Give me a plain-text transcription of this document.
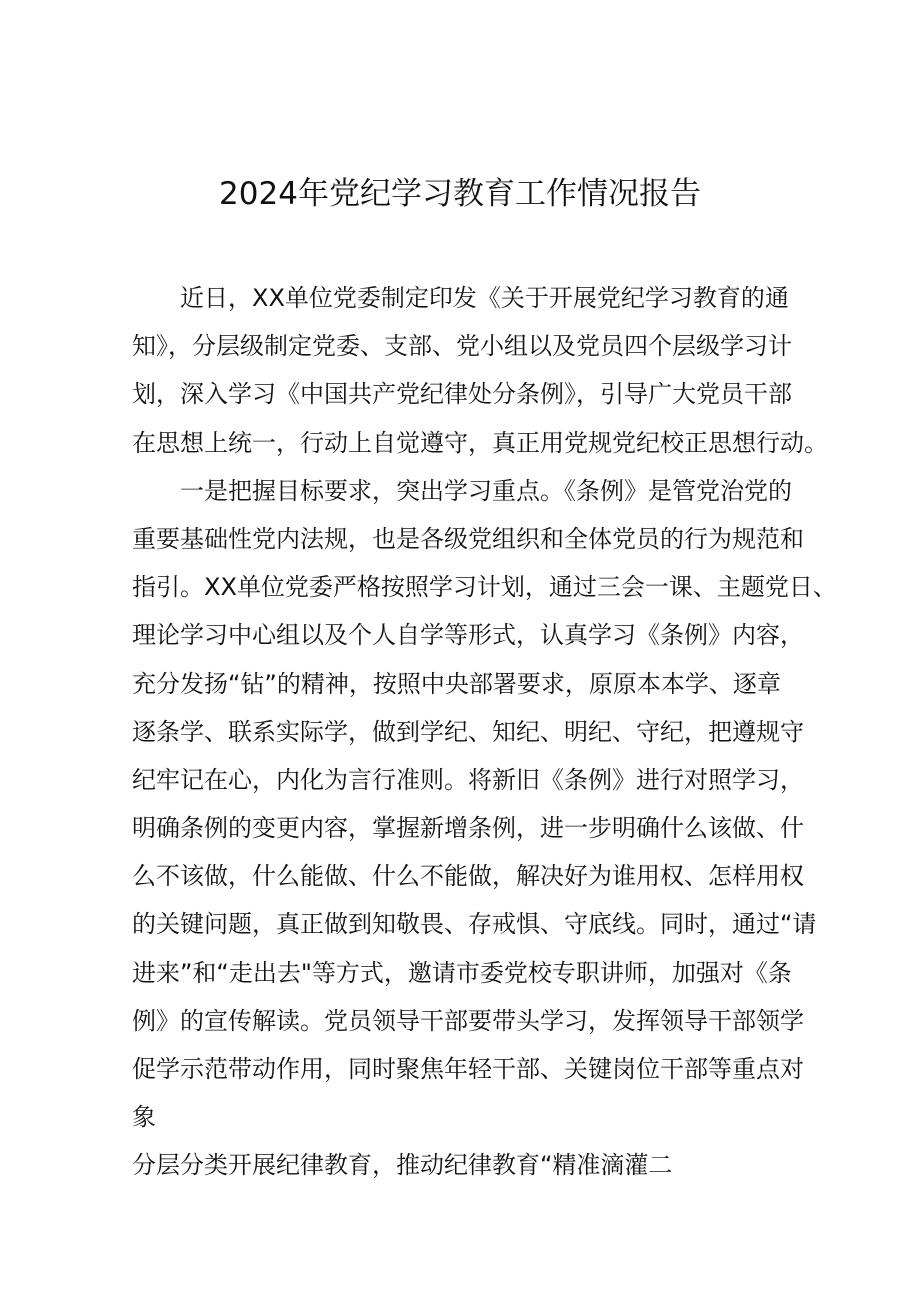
2024年党纪学习教育工作情况报告
近日，XX单位党委制定印发《关于开展党纪学习教育的通
知》，分层级制定党委、支部、党小组以及党员四个层级学习计
划，深入学习《中国共产党纪律处分条例》，引导广大党员干部
在思想上统一，行动上自觉遵守，真正用党规党纪校正思想行动。
一是把握目标要求，突出学习重点。《条例》是管党治党的
重要基础性党内法规，也是各级党组织和全体党员的行为规范和
指引。XX单位党委严格按照学习计划，通过三会一课、主题党日、
理论学习中心组以及个人自学等形式，认真学习《条例》内容，
充分发扬“钻”的精神，按照中央部署要求，原原本本学、逐章
逐条学、联系实际学，做到学纪、知纪、明纪、守纪，把遵规守
纪牢记在心，内化为言行准则。将新旧《条例》进行对照学习，
明确条例的变更内容，掌握新增条例，进一步明确什么该做、什
么不该做，什么能做、什么不能做，解决好为谁用权、怎样用权
的关键问题，真正做到知敬畏、存戒惧、守底线。同时，通过“请
进来”和“走出去"等方式，邀请市委党校专职讲师，加强对《条
例》的宣传解读。党员领导干部要带头学习，发挥领导干部领学
促学示范带动作用，同时聚焦年轻干部、关键岗位干部等重点对
象
分层分类开展纪律教育，推动纪律教育“精准滴灌二
